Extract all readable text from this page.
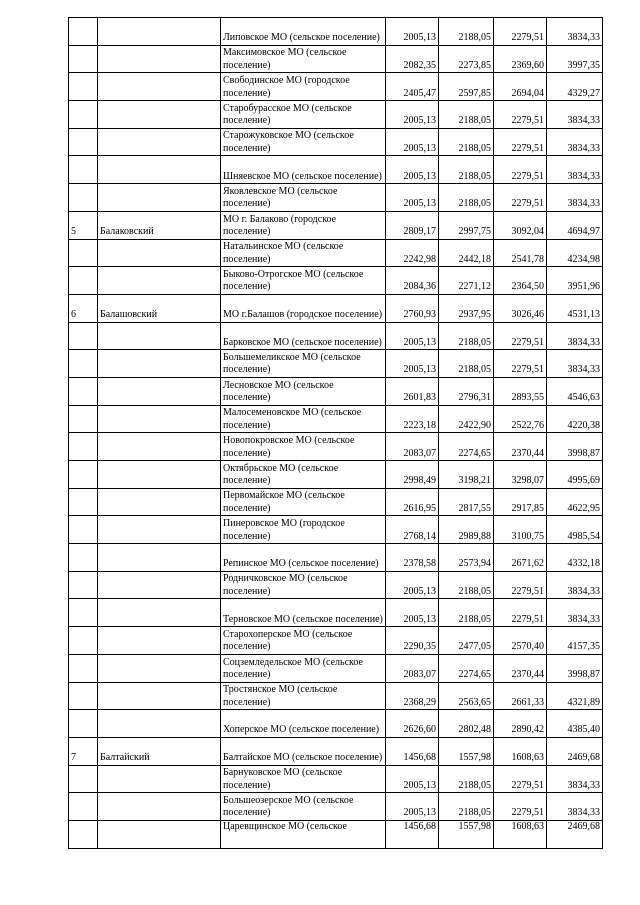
		Липовское МО (сельское поселение)	2005,13	2188,05	2279,51	3834,33
		Максимовское МО (сельское поселение)	2082,35	2273,85	2369,60	3997,35
		Свободинское МО (городское поселение)	2405,47	2597,85	2694,04	4329,27
		Старобурасское МО (сельское поселение)	2005,13	2188,05	2279,51	3834,33
		Старожуковское МО (сельское поселение)	2005,13	2188,05	2279,51	3834,33
		Шняевское МО (сельское поселение)	2005,13	2188,05	2279,51	3834,33
		Яковлевское МО (сельское поселение)	2005,13	2188,05	2279,51	3834,33
5	Балаковский	МО г. Балаково (городское поселение)	2809,17	2997,75	3092,04	4694,97
		Натальинское МО (сельское поселение)	2242,98	2442,18	2541,78	4234,98
		Быково-Отрогское МО (сельское поселение)	2084,36	2271,12	2364,50	3951,96
6	Балашовский	МО г.Балашов (городское поселение)	2760,93	2937,95	3026,46	4531,13
		Барковское МО (сельское поселение)	2005,13	2188,05	2279,51	3834,33
		Большемеликское МО (сельское поселение)	2005,13	2188,05	2279,51	3834,33
		Лесновское МО (сельское поселение)	2601,83	2796,31	2893,55	4546,63
		Малосеменовское МО (сельское поселение)	2223,18	2422,90	2522,76	4220,38
		Новопокровское МО (сельское поселение)	2083,07	2274,65	2370,44	3998,87
		Октябрьское МО (сельское поселение)	2998,49	3198,21	3298,07	4995,69
		Первомайское МО (сельское поселение)	2616,95	2817,55	2917,85	4622,95
		Пинеровское МО (городское поселение)	2768,14	2989,88	3100,75	4985,54
		Репинское МО (сельское поселение)	2378,58	2573,94	2671,62	4332,18
		Родничковское МО (сельское поселение)	2005,13	2188,05	2279,51	3834,33
		Терновское МО (сельское поселение)	2005,13	2188,05	2279,51	3834,33
		Старохоперское МО (сельское поселение)	2290,35	2477,05	2570,40	4157,35
		Соцземледельское МО (сельское поселение)	2083,07	2274,65	2370,44	3998,87
		Тростянское МО (сельское поселение)	2368,29	2563,65	2661,33	4321,89
		Хоперское МО (сельское поселение)	2626,60	2802,48	2890,42	4385,40
7	Балтайский	Балтайское МО (сельское поселение)	1456,68	1557,98	1608,63	2469,68
		Барнуковское МО (сельское поселение)	2005,13	2188,05	2279,51	3834,33
		Большеозерское МО (сельское поселение)	2005,13	2188,05	2279,51	3834,33
		Царевщинское МО (сельское	1456,68	1557,98	1608,63	2469,68
